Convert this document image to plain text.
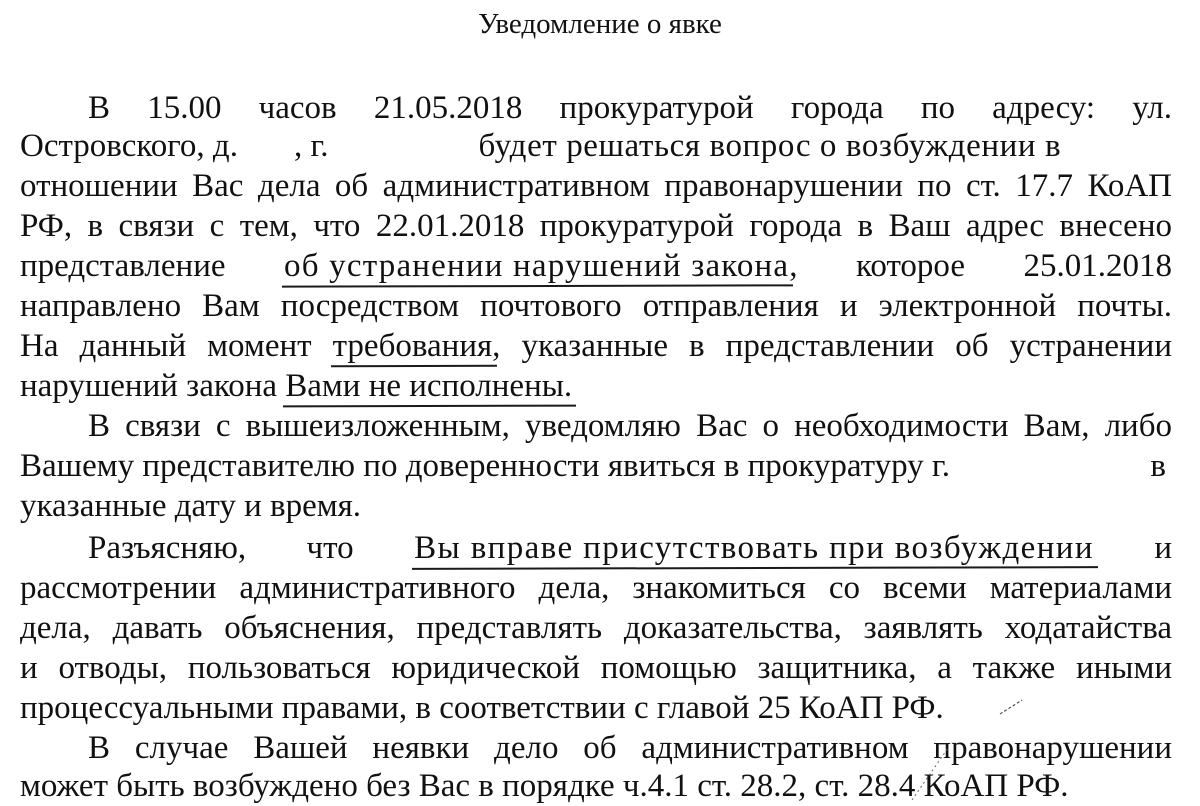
Уведомление о явке
В 15.00 часов 21.05.2018 прокуратурой города по адресу: ул.
Островского, д. , г.	будет решаться вопрос о возбуждении в
отношении Вас дела об административном правонарушении по ст. 17.7 КоАП
РФ, в связи с тем, что 22.01.2018 прокуратурой города в Ваш адрес внесено
представление об устранении нарушений закона, которое 25.01.2018
направлено Вам посредством почтового отправления и электронной почты.
На данный момент требования, указанные в представлении об устранении
нарушений закона Вами не исполнены.
В связи с вышеизложенным, уведомляю Вас о необходимости Вам, либо
Вашему представителю по доверенности явиться в прокуратуру г.	в
указанные дату и время.
Разъясняю, что Вы вправе присутствовать при возбуждении и
рассмотрении административного дела, знакомиться со всеми материалами
дела, давать объяснения, представлять доказательства, заявлять ходатайства
и отводы, пользоваться юридической помощью защитника, а также иными
процессуальными правами, в соответствии с главой 25 КоАП РФ.
В случае Вашей неявки дело об административном правонарушении
может быть возбуждено без Вас в порядке ч.4.1 ст. 28.2, ст. 28.4 КоАП РФ.
